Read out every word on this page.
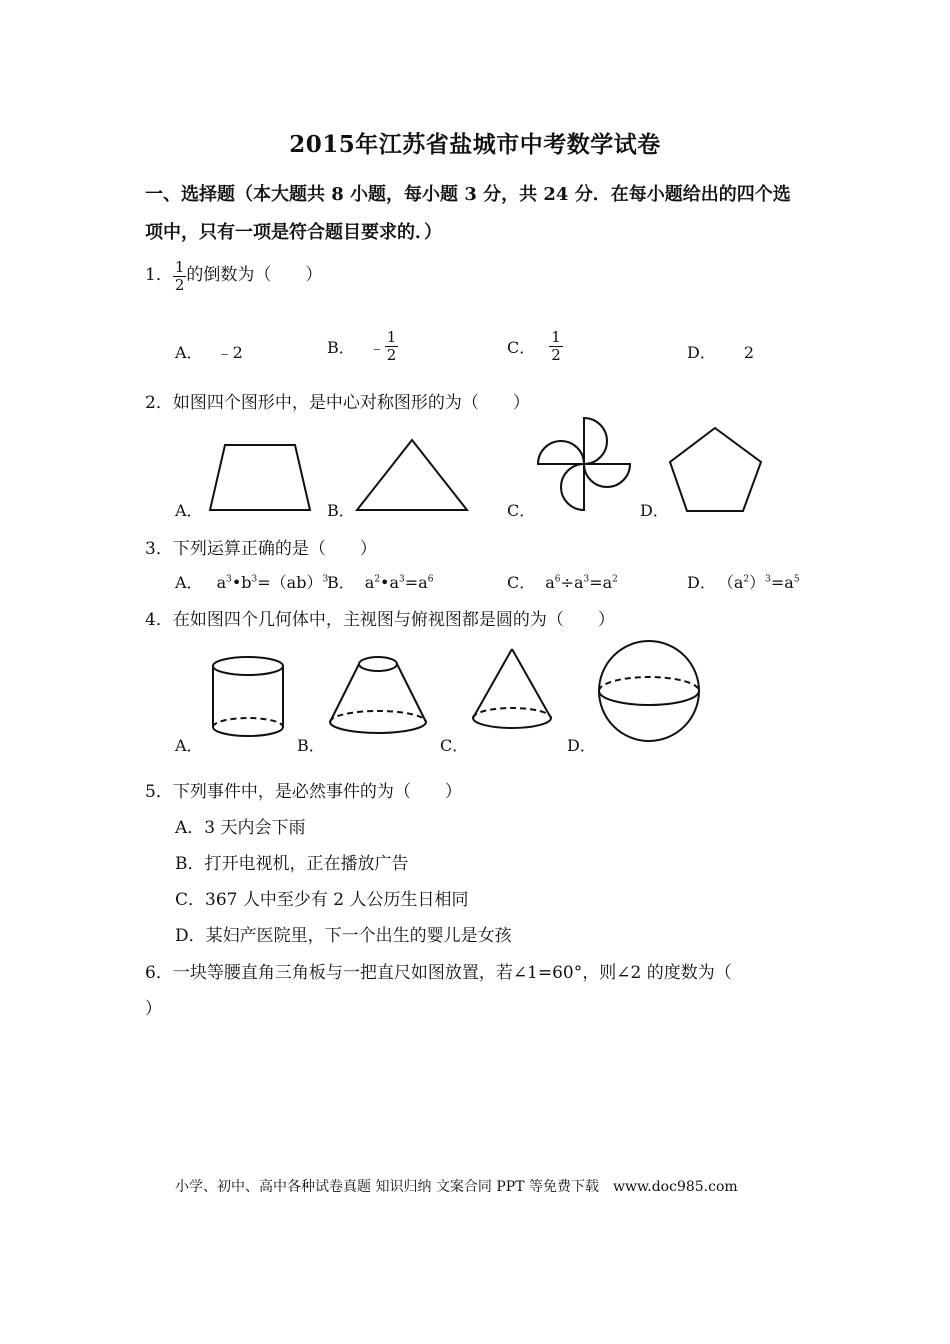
2015年江苏省盐城市中考数学试卷
一、选择题（本大题共 8 小题，每小题 3 分，共 24 分．在每小题给出的四个选
项中，只有一项是符合题目要求的．）
1． $\frac{1}{2}$ 的倒数为（　　）
A． ﹣2	B． ﹣ $\frac{1}{2}$	C． $\frac{1}{2}$	D． 2
2．如图四个图形中，是中心对称图形的为（　　）
A．	B．	C．	D．
3．下列运算正确的是（　　）
A． $a^3•b^3=(ab)^3$
B． $a^2•a^3=a^6$	C． $a^6\div a^3=a^2$	D． $(a^2)^3=a^5$
4．在如图四个几何体中，主视图与俯视图都是圆的为（　　）
A．	B．	C．	D．
5．下列事件中，是必然事件的为（　　）
A．3 天内会下雨
B．打开电视机，正在播放广告
C．367 人中至少有 2 人公历生日相同
D．某妇产医院里，下一个出生的婴儿是女孩
6．一块等腰直角三角板与一把直尺如图放置，若∠1=60°，则∠2 的度数为（
）
小学、初中、高中各种试卷真题 知识归纳 文案合同 PPT 等免费下载　www.doc985.com
